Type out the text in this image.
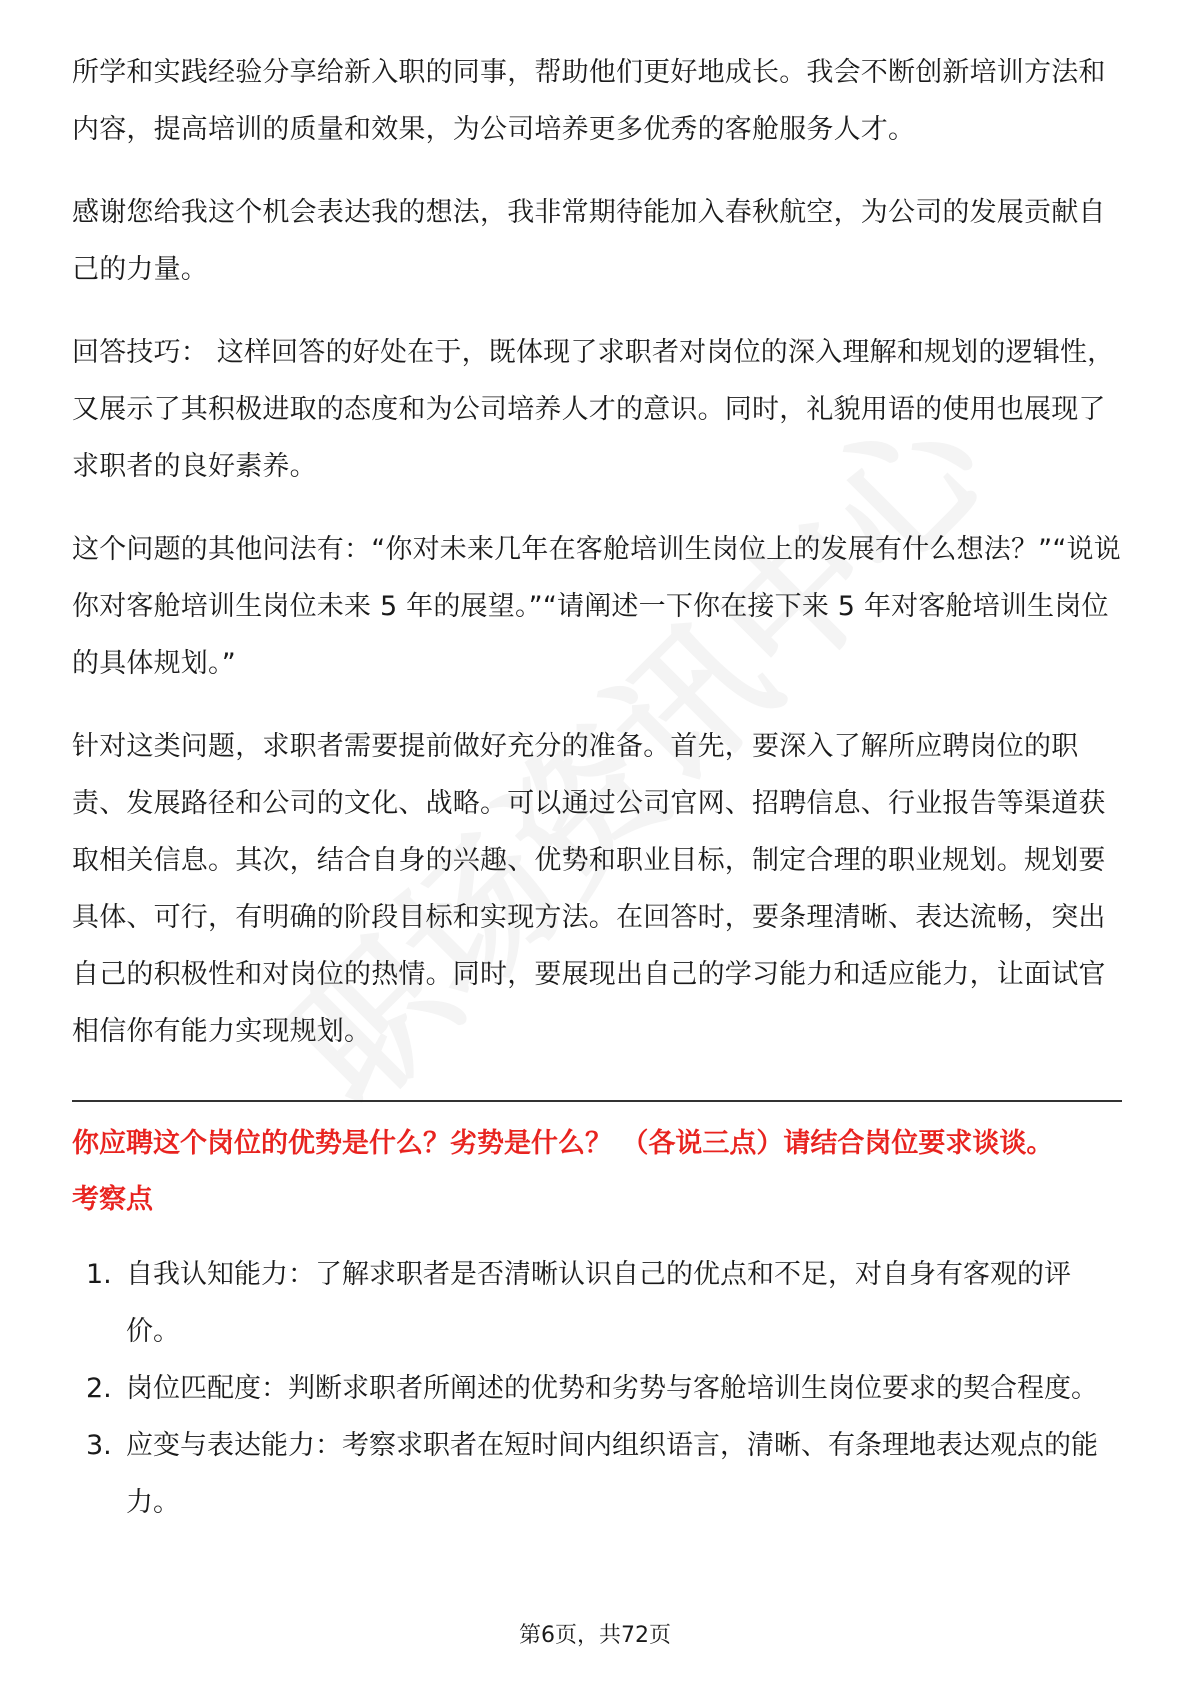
所学和实践经验分享给新入职的同事，帮助他们更好地成长。我会不断创新培训方法和内容，提高培训的质量和效果，为公司培养更多优秀的客舱服务人才。

感谢您给我这个机会表达我的想法，我非常期待能加入春秋航空，为公司的发展贡献自己的力量。

回答技巧： 这样回答的好处在于，既体现了求职者对岗位的深入理解和规划的逻辑性，又展示了其积极进取的态度和为公司培养人才的意识。同时，礼貌用语的使用也展现了求职者的良好素养。

这个问题的其他问法有：“你对未来几年在客舱培训生岗位上的发展有什么想法？”“说说你对客舱培训生岗位未来 5 年的展望。”“请阐述一下你在接下来 5 年对客舱培训生岗位的具体规划。”

针对这类问题，求职者需要提前做好充分的准备。首先，要深入了解所应聘岗位的职责、发展路径和公司的文化、战略。可以通过公司官网、招聘信息、行业报告等渠道获取相关信息。其次，结合自身的兴趣、优势和职业目标，制定合理的职业规划。规划要具体、可行，有明确的阶段目标和实现方法。在回答时，要条理清晰、表达流畅，突出自己的积极性和对岗位的热情。同时，要展现出自己的学习能力和适应能力，让面试官相信你有能力实现规划。

你应聘这个岗位的优势是什么？劣势是什么？ （各说三点）请结合岗位要求谈谈。

考察点

1. 自我认知能力：了解求职者是否清晰认识自己的优点和不足，对自身有客观的评价。
2. 岗位匹配度：判断求职者所阐述的优势和劣势与客舱培训生岗位要求的契合程度。
3. 应变与表达能力：考察求职者在短时间内组织语言，清晰、有条理地表达观点的能力。
第6页，共72页
